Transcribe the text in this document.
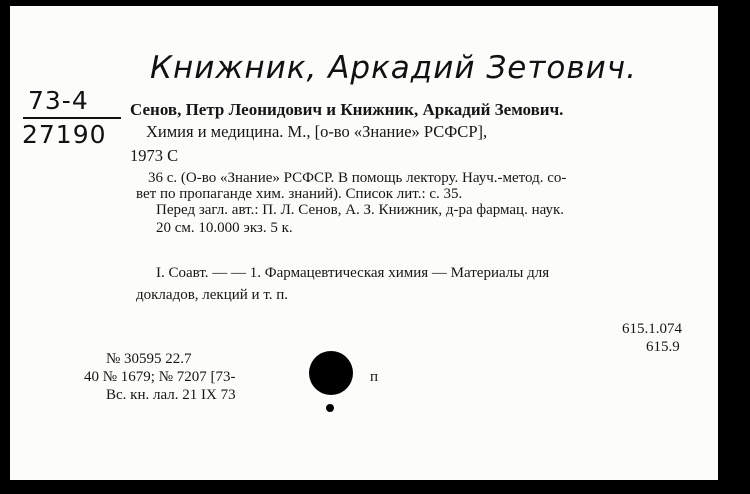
Книжник, Аркадий Зетович.
73-4
27190
Сенов, Петр Леонидович и Книжник, Аркадий Земович.
Химия и медицина. М., [о-во «Знание» РСФСР],
1973 С
36 с. (О-во «Знание» РСФСР. В помощь лектору. Науч.-метод. со-
вет по пропаганде хим. знаний). Список лит.: с. 35.
Перед загл. авт.: П. Л. Сенов, А. З. Книжник, д-ра фармац. наук.
20 см. 10.000 экз. 5 к.
I. Соавт. — — 1. Фармацевтическая химия — Материалы для
докладов, лекций и т. п.
615.1.074
615.9
№ 30595 22.7
40 № 1679; № 7207 [73-	п
Вс. кн. лал. 21 IX 73
